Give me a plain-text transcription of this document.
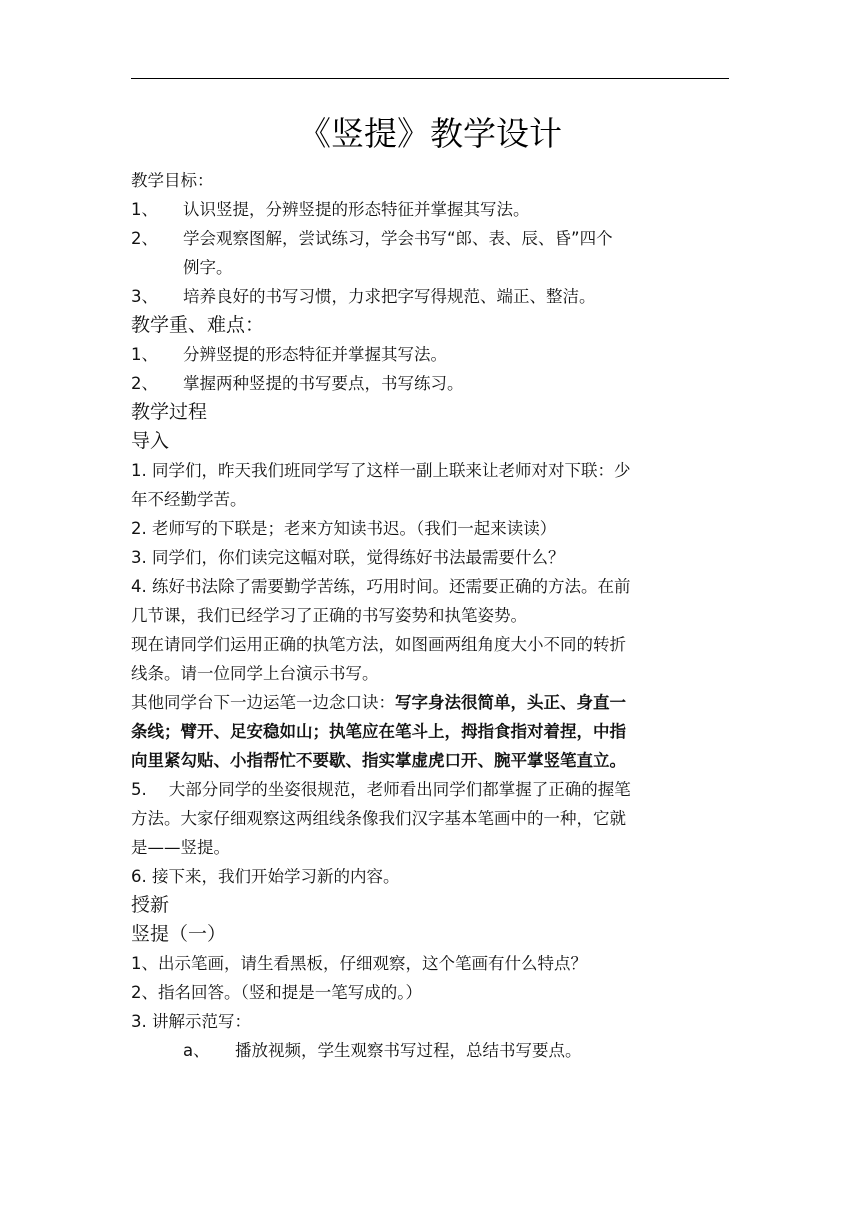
《竖提》教学设计
教学目标：
1、 认识竖提，分辨竖提的形态特征并掌握其写法。
2、 学会观察图解，尝试练习，学会书写“郎、表、辰、昏”四个
例字。
3、 培养良好的书写习惯，力求把字写得规范、端正、整洁。
教学重、难点：
1、 分辨竖提的形态特征并掌握其写法。
2、 掌握两种竖提的书写要点，书写练习。
教学过程
导入
1. 同学们，昨天我们班同学写了这样一副上联来让老师对对下联：少
年不经勤学苦。
2. 老师写的下联是；老来方知读书迟。（我们一起来读读）
3. 同学们，你们读完这幅对联，觉得练好书法最需要什么？
4. 练好书法除了需要勤学苦练，巧用时间。还需要正确的方法。在前
几节课，我们已经学习了正确的书写姿势和执笔姿势。
现在请同学们运用正确的执笔方法，如图画两组角度大小不同的转折
线条。请一位同学上台演示书写。
其他同学台下一边运笔一边念口诀：写字身法很简单，头正、身直一
条线；臂开、足安稳如山；执笔应在笔斗上，拇指食指对着捏，中指
向里紧勾贴、小指帮忙不要歇、指实掌虚虎口开、腕平掌竖笔直立。
5. 大部分同学的坐姿很规范，老师看出同学们都掌握了正确的握笔
方法。大家仔细观察这两组线条像我们汉字基本笔画中的一种，它就
是——竖提。
6. 接下来，我们开始学习新的内容。
授新
竖提（一）
1、出示笔画，请生看黑板，仔细观察，这个笔画有什么特点？
2、指名回答。（竖和提是一笔写成的。）
3. 讲解示范写：
a、 播放视频，学生观察书写过程，总结书写要点。
